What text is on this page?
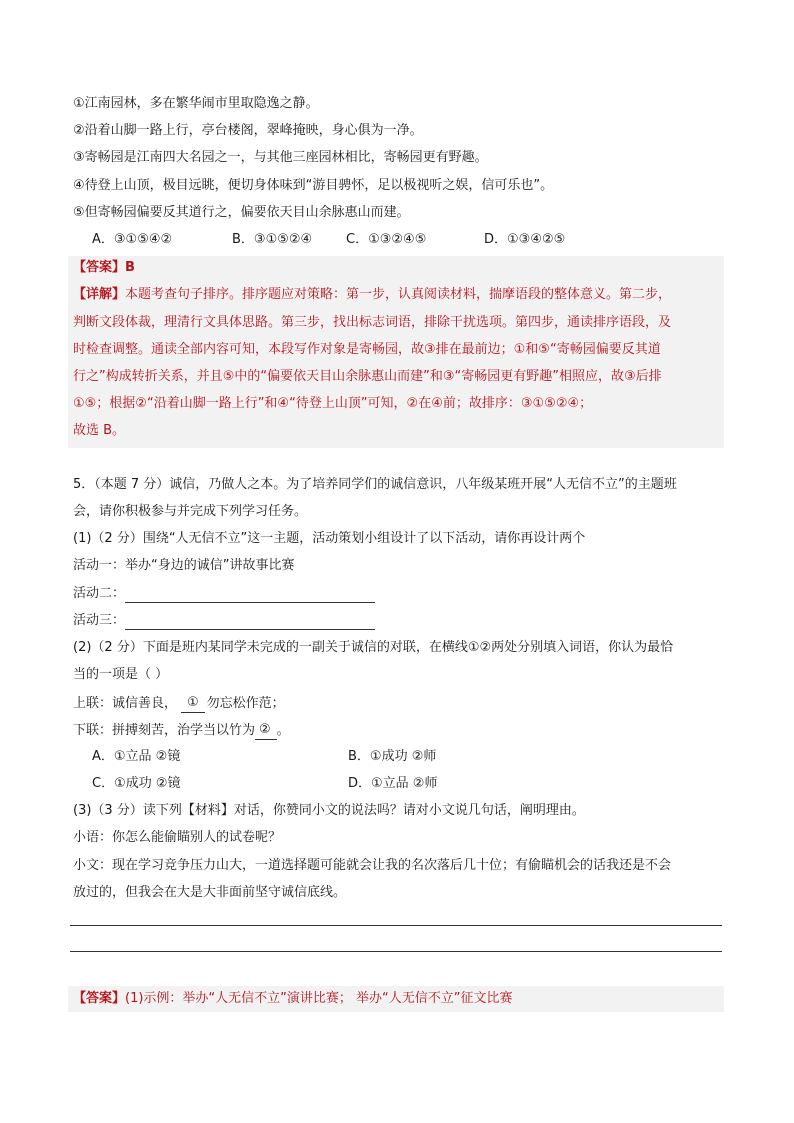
①江南园林，多在繁华闹市里取隐逸之静。
②沿着山脚一路上行，亭台楼阁，翠峰掩映，身心俱为一净。
③寄畅园是江南四大名园之一，与其他三座园林相比，寄畅园更有野趣。
④待登上山顶，极目远眺，便切身体味到“游目骋怀，足以极视听之娱，信可乐也”。
⑤但寄畅园偏要反其道行之，偏要依天目山余脉惠山而建。
A．③①⑤④②	B．③①⑤②④	C．①③②④⑤	D．①③④②⑤
【答案】B
【详解】本题考查句子排序。排序题应对策略：第一步，认真阅读材料，揣摩语段的整体意义。第二步，
判断文段体裁，理清行文具体思路。第三步，找出标志词语，排除干扰选项。第四步，通读排序语段，及
时检查调整。通读全部内容可知，本段写作对象是寄畅园，故③排在最前边；①和⑤“寄畅园偏要反其道
行之”构成转折关系，并且⑤中的“偏要依天目山余脉惠山而建”和③“寄畅园更有野趣”相照应，故③后排
①⑤；根据②“沿着山脚一路上行”和④“待登上山顶”可知，②在④前；故排序：③①⑤②④；
故选 B。
5．（本题 7 分）诚信，乃做人之本。为了培养同学们的诚信意识，八年级某班开展“人无信不立”的主题班
会，请你积极参与并完成下列学习任务。
(1)（2 分）围绕“人无信不立”这一主题，活动策划小组设计了以下活动，请你再设计两个
活动一：举办“身边的诚信”讲故事比赛
活动二：
活动三：
(2)（2 分）下面是班内某同学未完成的一副关于诚信的对联，在横线①②两处分别填入词语，你认为最恰
当的一项是（ ）
上联：诚信善良， ① 勿忘松作范；
下联：拼搏刻苦，治学当以竹为 ② 。
A．①立品 ②镜	B．①成功 ②师
C．①成功 ②镜	D．①立品 ②师
(3)（3 分）读下列【材料】对话，你赞同小文的说法吗？请对小文说几句话，阐明理由。
小语：你怎么能偷瞄别人的试卷呢？
小文：现在学习竞争压力山大，一道选择题可能就会让我的名次落后几十位；有偷瞄机会的话我还是不会
放过的，但我会在大是大非面前坚守诚信底线。
【答案】(1)示例：举办“人无信不立”演讲比赛； 举办“人无信不立”征文比赛
